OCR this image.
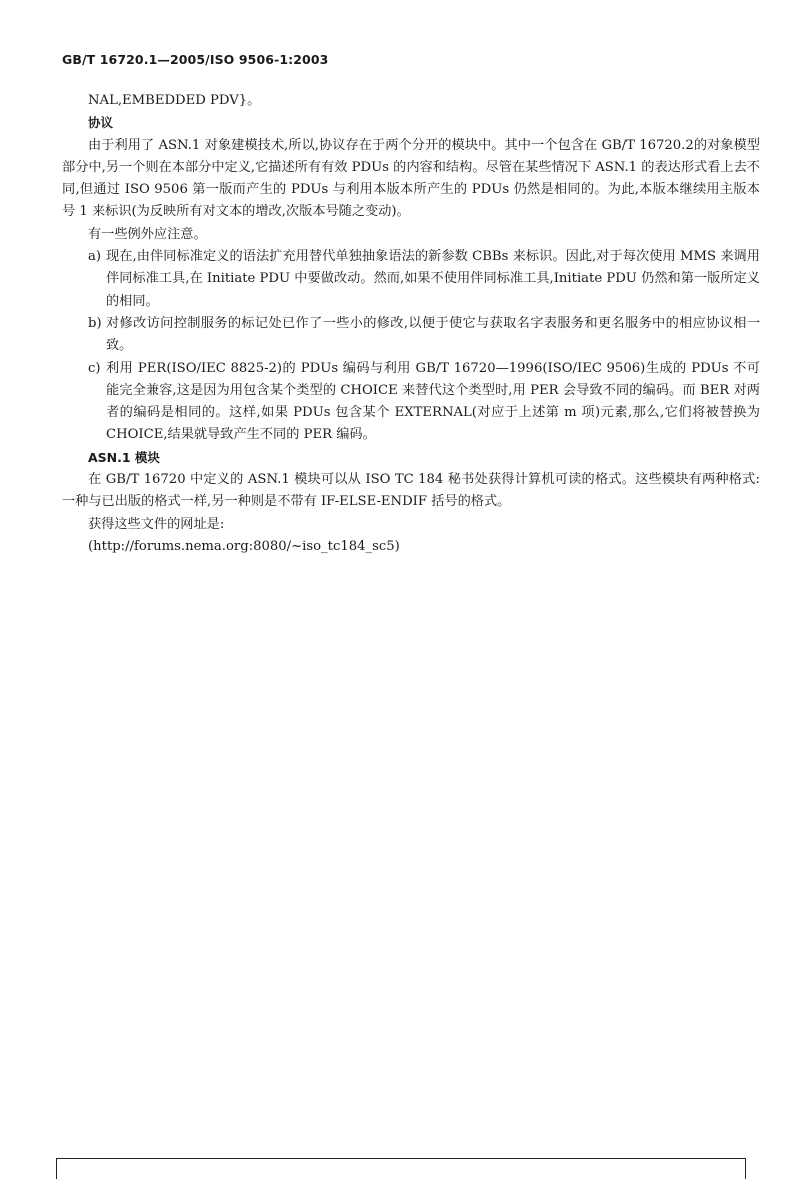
GB/T 16720.1—2005/ISO 9506-1:2003

NAL,EMBEDDED PDV}。

协议

由于利用了 ASN.1 对象建模技术,所以,协议存在于两个分开的模块中。其中一个包含在 GB/T 16720.2的对象模型部分中,另一个则在本部分中定义,它描述所有有效 PDUs 的内容和结构。尽管在某些情况下 ASN.1 的表达形式看上去不同,但通过 ISO 9506 第一版而产生的 PDUs 与利用本版本所产生的 PDUs 仍然是相同的。为此,本版本继续用主版本号 1 来标识(为反映所有对文本的增改,次版本号随之变动)。

有一些例外应注意。

a) 现在,由伴同标准定义的语法扩充用替代单独抽象语法的新参数 CBBs 来标识。因此,对于每次使用 MMS 来调用伴同标准工具,在 Initiate PDU 中要做改动。然而,如果不使用伴同标准工具,Initiate PDU 仍然和第一版所定义的相同。
b) 对修改访问控制服务的标记处已作了一些小的修改,以便于使它与获取名字表服务和更名服务中的相应协议相一致。
c) 利用 PER(ISO/IEC 8825-2)的 PDUs 编码与利用 GB/T 16720—1996(ISO/IEC 9506)生成的 PDUs 不可能完全兼容,这是因为用包含某个类型的 CHOICE 来替代这个类型时,用 PER 会导致不同的编码。而 BER 对两者的编码是相同的。这样,如果 PDUs 包含某个 EXTERNAL(对应于上述第 m 项)元素,那么,它们将被替换为 CHOICE,结果就导致产生不同的 PER 编码。

ASN.1 模块

在 GB/T 16720 中定义的 ASN.1 模块可以从 ISO TC 184 秘书处获得计算机可读的格式。这些模块有两种格式:一种与已出版的格式一样,另一种则是不带有 IF-ELSE-ENDIF 括号的格式。

获得这些文件的网址是:

(http://forums.nema.org:8080/~iso_tc184_sc5)
